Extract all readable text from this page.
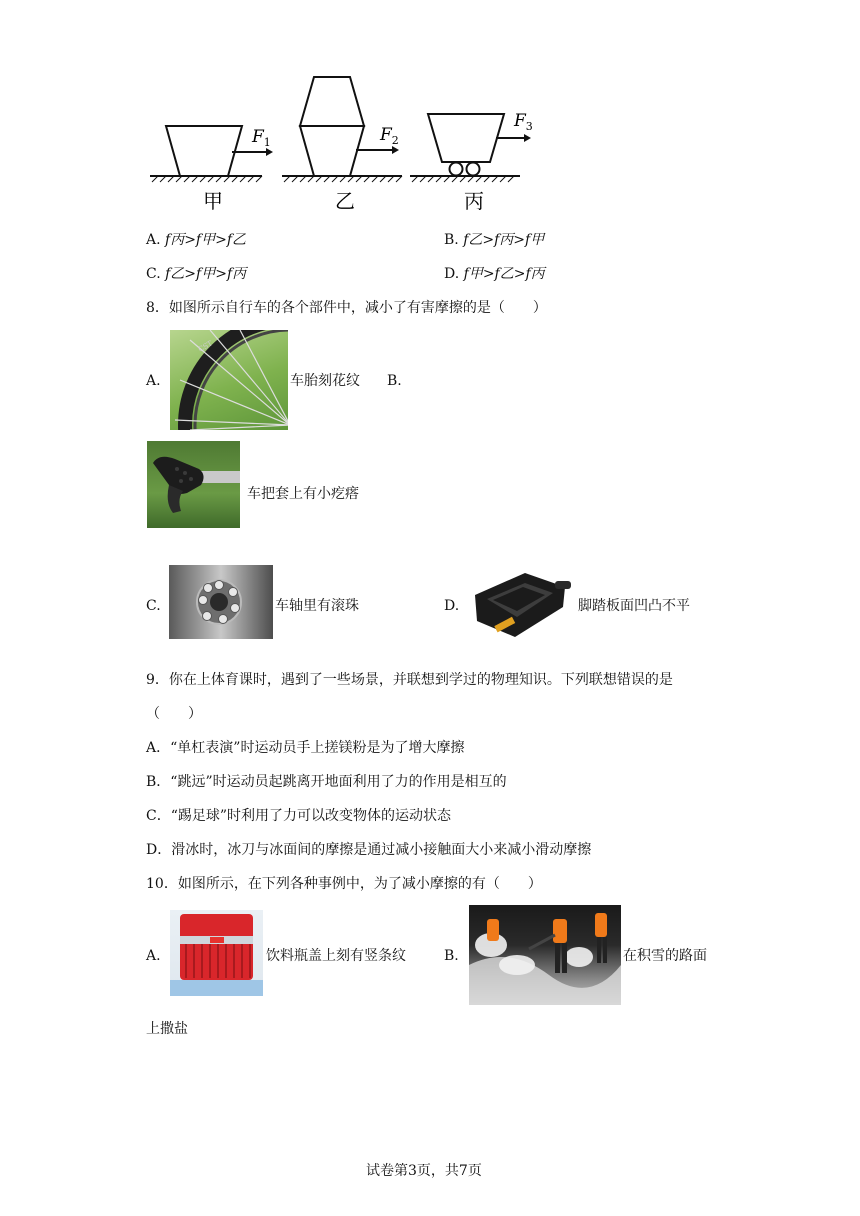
$F_1$
甲
$F_2$
乙
$F_3$
丙
A. f丙>f甲>f乙	B. f乙>f丙>f甲
C. f乙>f甲>f丙	D. f甲>f乙>f丙
8．如图所示自行车的各个部件中，减小了有害摩擦的是（　　）
A.
CST
车胎刻花纹 B.
车把套上有小疙瘩
C.	车轴里有滚珠	D.	脚踏板面凹凸不平
9．你在上体育课时，遇到了一些场景，并联想到学过的物理知识。下列联想错误的是
（　　）
A．“单杠表演”时运动员手上搓镁粉是为了增大摩擦
B．“跳远”时运动员起跳离开地面利用了力的作用是相互的
C．“踢足球”时利用了力可以改变物体的运动状态
D．滑冰时，冰刀与冰面间的摩擦是通过减小接触面大小来减小滑动摩擦
10．如图所示，在下列各种事例中，为了减小摩擦的有（　　）
A.	饮料瓶盖上刻有竖条纹	B.	在积雪的路面
上撒盐
试卷第3页，共7页
